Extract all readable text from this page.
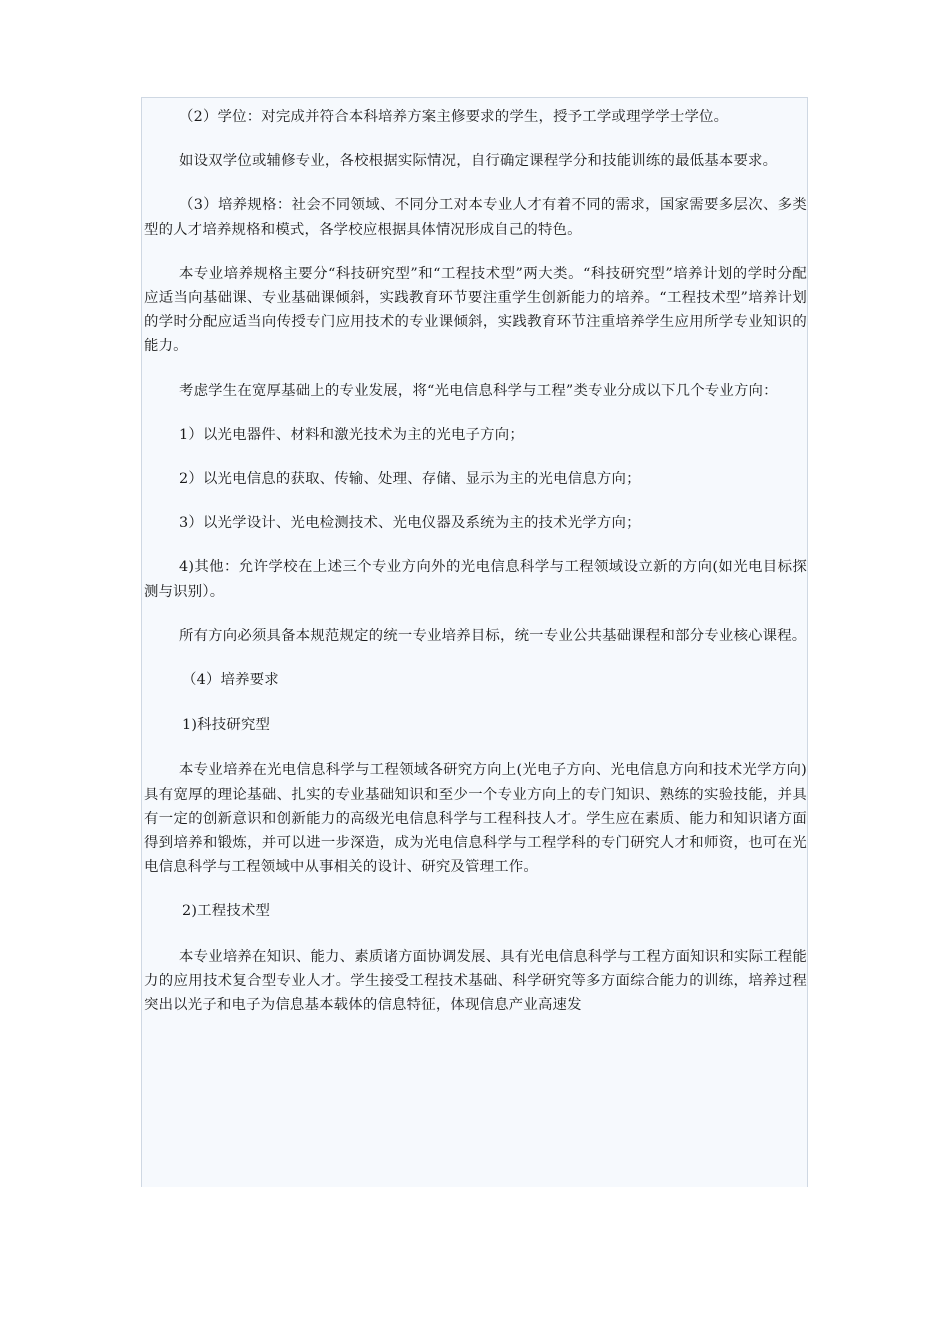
（2）学位：对完成并符合本科培养方案主修要求的学生，授予工学或理学学士学位。

如设双学位或辅修专业，各校根据实际情况，自行确定课程学分和技能训练的最低基本要求。

（3）培养规格：社会不同领域、不同分工对本专业人才有着不同的需求，国家需要多层次、多类型的人才培养规格和模式，各学校应根据具体情况形成自己的特色。

本专业培养规格主要分“科技研究型”和“工程技术型”两大类。“科技研究型”培养计划的学时分配应适当向基础课、专业基础课倾斜，实践教育环节要注重学生创新能力的培养。“工程技术型”培养计划的学时分配应适当向传授专门应用技术的专业课倾斜，实践教育环节注重培养学生应用所学专业知识的能力。

考虑学生在宽厚基础上的专业发展，将“光电信息科学与工程”类专业分成以下几个专业方向：

1）以光电器件、材料和激光技术为主的光电子方向；

2）以光电信息的获取、传输、处理、存储、显示为主的光电信息方向；

3）以光学设计、光电检测技术、光电仪器及系统为主的技术光学方向；

4)其他：允许学校在上述三个专业方向外的光电信息科学与工程领域设立新的方向(如光电目标探测与识别）。

所有方向必须具备本规范规定的统一专业培养目标，统一专业公共基础课程和部分专业核心课程。

（4）培养要求

1)科技研究型

本专业培养在光电信息科学与工程领域各研究方向上(光电子方向、光电信息方向和技术光学方向)具有宽厚的理论基础、扎实的专业基础知识和至少一个专业方向上的专门知识、熟练的实验技能，并具有一定的创新意识和创新能力的高级光电信息科学与工程科技人才。学生应在素质、能力和知识诸方面得到培养和锻炼，并可以进一步深造，成为光电信息科学与工程学科的专门研究人才和师资，也可在光电信息科学与工程领域中从事相关的设计、研究及管理工作。

2)工程技术型

本专业培养在知识、能力、素质诸方面协调发展、具有光电信息科学与工程方面知识和实际工程能力的应用技术复合型专业人才。学生接受工程技术基础、科学研究等多方面综合能力的训练，培养过程突出以光子和电子为信息基本载体的信息特征，体现信息产业高速发
